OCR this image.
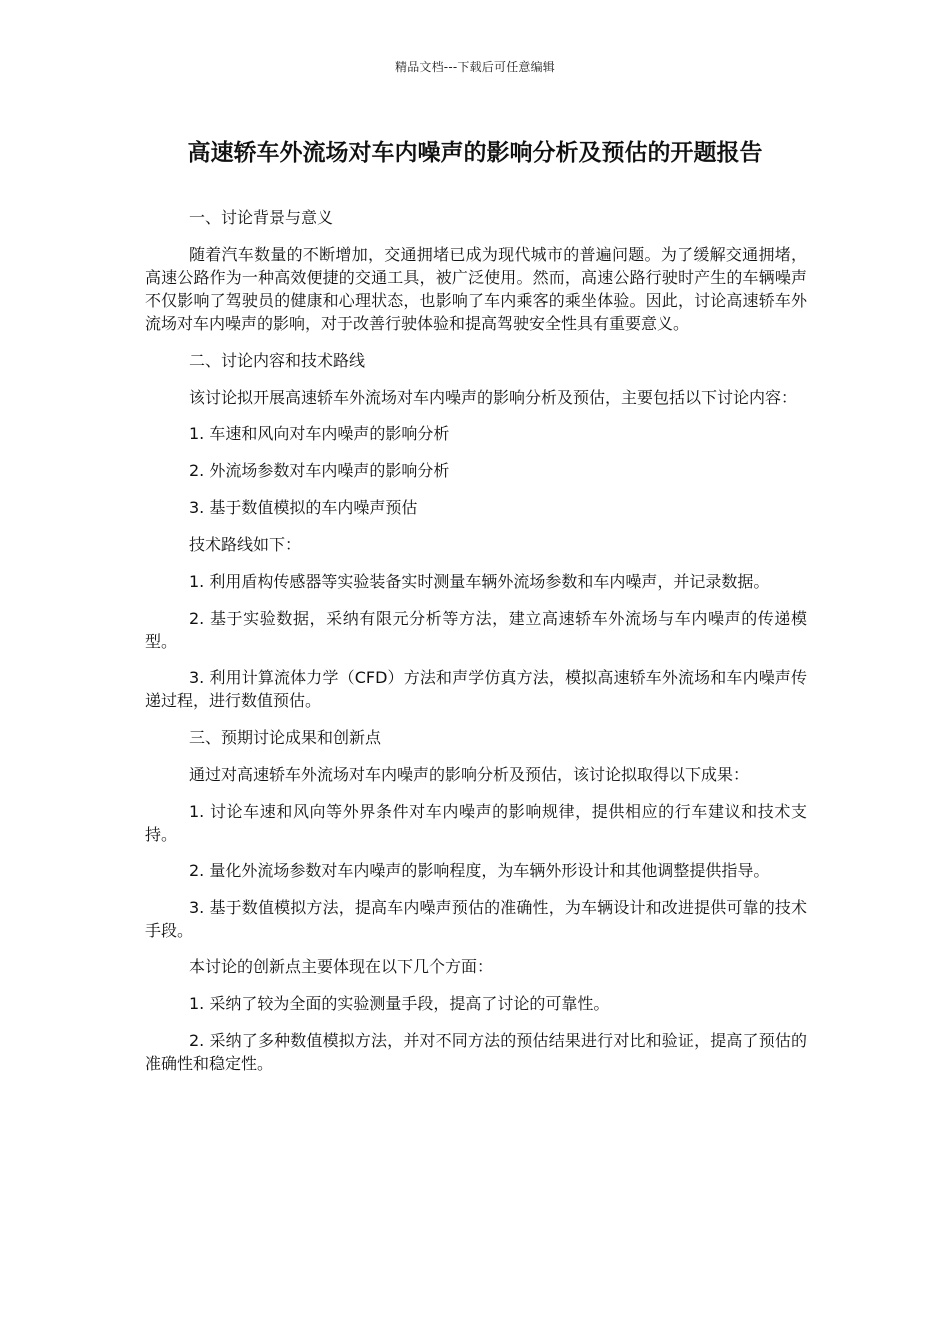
精品文档---下载后可任意编辑
高速轿车外流场对车内噪声的影响分析及预估的开题报告

一、讨论背景与意义

随着汽车数量的不断增加，交通拥堵已成为现代城市的普遍问题。为了缓解交通拥堵，高速公路作为一种高效便捷的交通工具，被广泛使用。然而，高速公路行驶时产生的车辆噪声不仅影响了驾驶员的健康和心理状态，也影响了车内乘客的乘坐体验。因此，讨论高速轿车外流场对车内噪声的影响，对于改善行驶体验和提高驾驶安全性具有重要意义。

二、讨论内容和技术路线

该讨论拟开展高速轿车外流场对车内噪声的影响分析及预估，主要包括以下讨论内容：

1. 车速和风向对车内噪声的影响分析

2. 外流场参数对车内噪声的影响分析

3. 基于数值模拟的车内噪声预估

技术路线如下：

1. 利用盾构传感器等实验装备实时测量车辆外流场参数和车内噪声，并记录数据。

2. 基于实验数据，采纳有限元分析等方法，建立高速轿车外流场与车内噪声的传递模型。

3. 利用计算流体力学（CFD）方法和声学仿真方法，模拟高速轿车外流场和车内噪声传递过程，进行数值预估。

三、预期讨论成果和创新点

通过对高速轿车外流场对车内噪声的影响分析及预估，该讨论拟取得以下成果：

1. 讨论车速和风向等外界条件对车内噪声的影响规律，提供相应的行车建议和技术支持。

2. 量化外流场参数对车内噪声的影响程度，为车辆外形设计和其他调整提供指导。

3. 基于数值模拟方法，提高车内噪声预估的准确性，为车辆设计和改进提供可靠的技术手段。

本讨论的创新点主要体现在以下几个方面：

1. 采纳了较为全面的实验测量手段，提高了讨论的可靠性。

2. 采纳了多种数值模拟方法，并对不同方法的预估结果进行对比和验证，提高了预估的准确性和稳定性。
